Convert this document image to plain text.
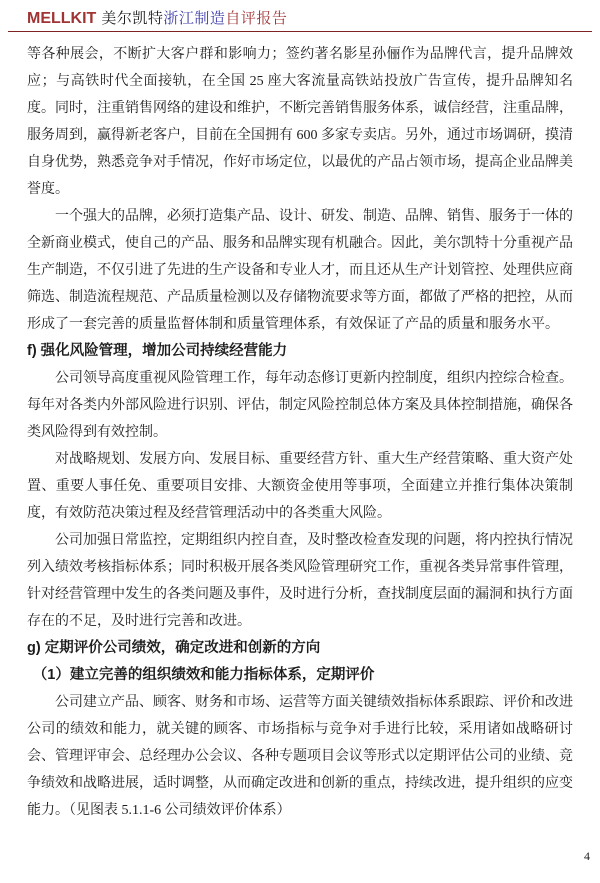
MELLKIT 美尔凯特浙江制造自评报告

等各种展会，不断扩大客户群和影响力；签约著名影星孙俪作为品牌代言，提升品牌效应；与高铁时代全面接轨，在全国 25 座大客流量高铁站投放广告宣传，提升品牌知名度。同时，注重销售网络的建设和维护，不断完善销售服务体系，诚信经营，注重品牌，服务周到，赢得新老客户，目前在全国拥有 600 多家专卖店。另外，通过市场调研，摸清自身优势，熟悉竞争对手情况，作好市场定位，以最优的产品占领市场，提高企业品牌美誉度。

一个强大的品牌，必须打造集产品、设计、研发、制造、品牌、销售、服务于一体的全新商业模式，使自己的产品、服务和品牌实现有机融合。因此，美尔凯特十分重视产品生产制造，不仅引进了先进的生产设备和专业人才，而且还从生产计划管控、处理供应商筛选、制造流程规范、产品质量检测以及存储物流要求等方面，都做了严格的把控，从而形成了一套完善的质量监督体制和质量管理体系，有效保证了产品的质量和服务水平。

f) 强化风险管理，增加公司持续经营能力

公司领导高度重视风险管理工作，每年动态修订更新内控制度，组织内控综合检查。每年对各类内外部风险进行识别、评估，制定风险控制总体方案及具体控制措施，确保各类风险得到有效控制。

对战略规划、发展方向、发展目标、重要经营方针、重大生产经营策略、重大资产处置、重要人事任免、重要项目安排、大额资金使用等事项，全面建立并推行集体决策制度，有效防范决策过程及经营管理活动中的各类重大风险。

公司加强日常监控，定期组织内控自查，及时整改检查发现的问题，将内控执行情况列入绩效考核指标体系；同时积极开展各类风险管理研究工作，重视各类异常事件管理，针对经营管理中发生的各类问题及事件，及时进行分析，查找制度层面的漏洞和执行方面存在的不足，及时进行完善和改进。

g) 定期评价公司绩效，确定改进和创新的方向
（1）建立完善的组织绩效和能力指标体系，定期评价

公司建立产品、顾客、财务和市场、运营等方面关键绩效指标体系跟踪、评价和改进公司的绩效和能力，就关键的顾客、市场指标与竞争对手进行比较，采用诸如战略研讨会、管理评审会、总经理办公会议、各种专题项目会议等形式以定期评估公司的业绩、竞争绩效和战略进展，适时调整，从而确定改进和创新的重点，持续改进，提升组织的应变能力。（见图表 5.1.1-6 公司绩效评价体系）

4
